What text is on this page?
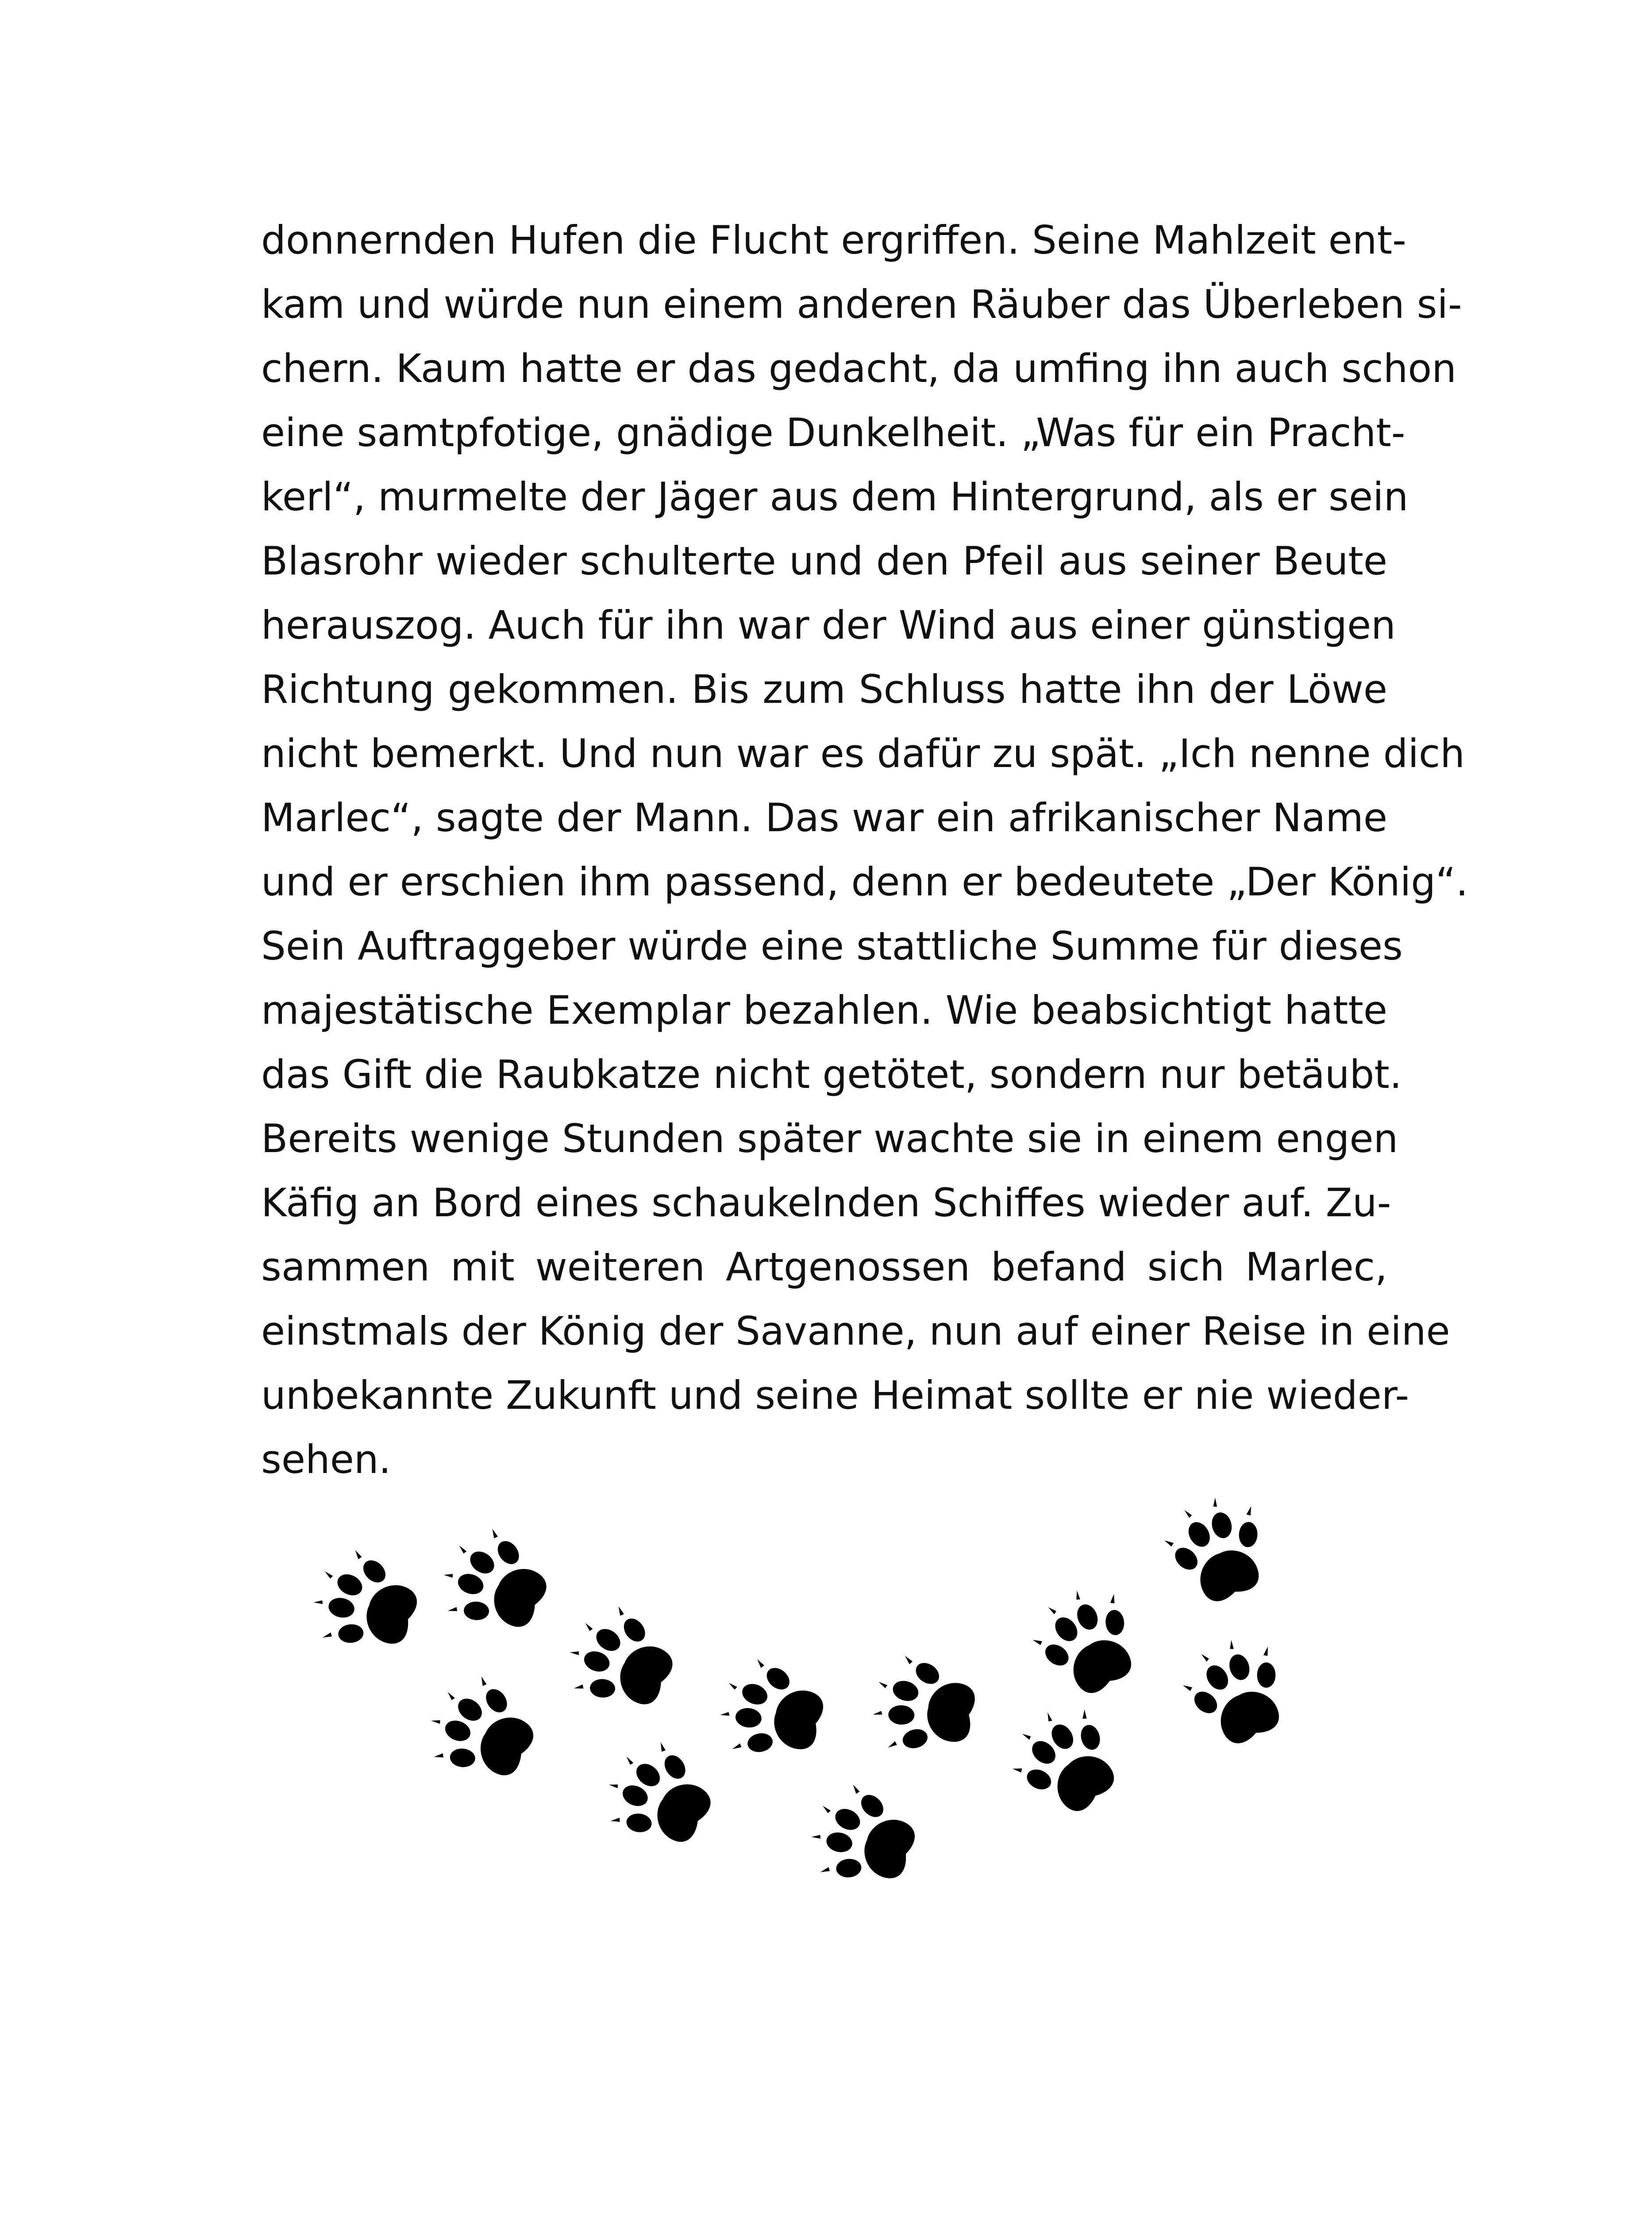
donnernden Hufen die Flucht ergriffen. Seine Mahlzeit ent-
kam und würde nun einem anderen Räuber das Überleben si-
chern. Kaum hatte er das gedacht, da umfing ihn auch schon
eine samtpfotige, gnädige Dunkelheit. „Was für ein Pracht-
kerl“, murmelte der Jäger aus dem Hintergrund, als er sein
Blasrohr wieder schulterte und den Pfeil aus seiner Beute
herauszog. Auch für ihn war der Wind aus einer günstigen
Richtung gekommen. Bis zum Schluss hatte ihn der Löwe
nicht bemerkt. Und nun war es dafür zu spät. „Ich nenne dich
Marlec“, sagte der Mann. Das war ein afrikanischer Name
und er erschien ihm passend, denn er bedeutete „Der König“.
Sein Auftraggeber würde eine stattliche Summe für dieses
majestätische Exemplar bezahlen. Wie beabsichtigt hatte
das Gift die Raubkatze nicht getötet, sondern nur betäubt.
Bereits wenige Stunden später wachte sie in einem engen
Käfig an Bord eines schaukelnden Schiffes wieder auf. Zu-
sammen mit weiteren Artgenossen befand sich Marlec,
einstmals der König der Savanne, nun auf einer Reise in eine
unbekannte Zukunft und seine Heimat sollte er nie wieder-
sehen.
